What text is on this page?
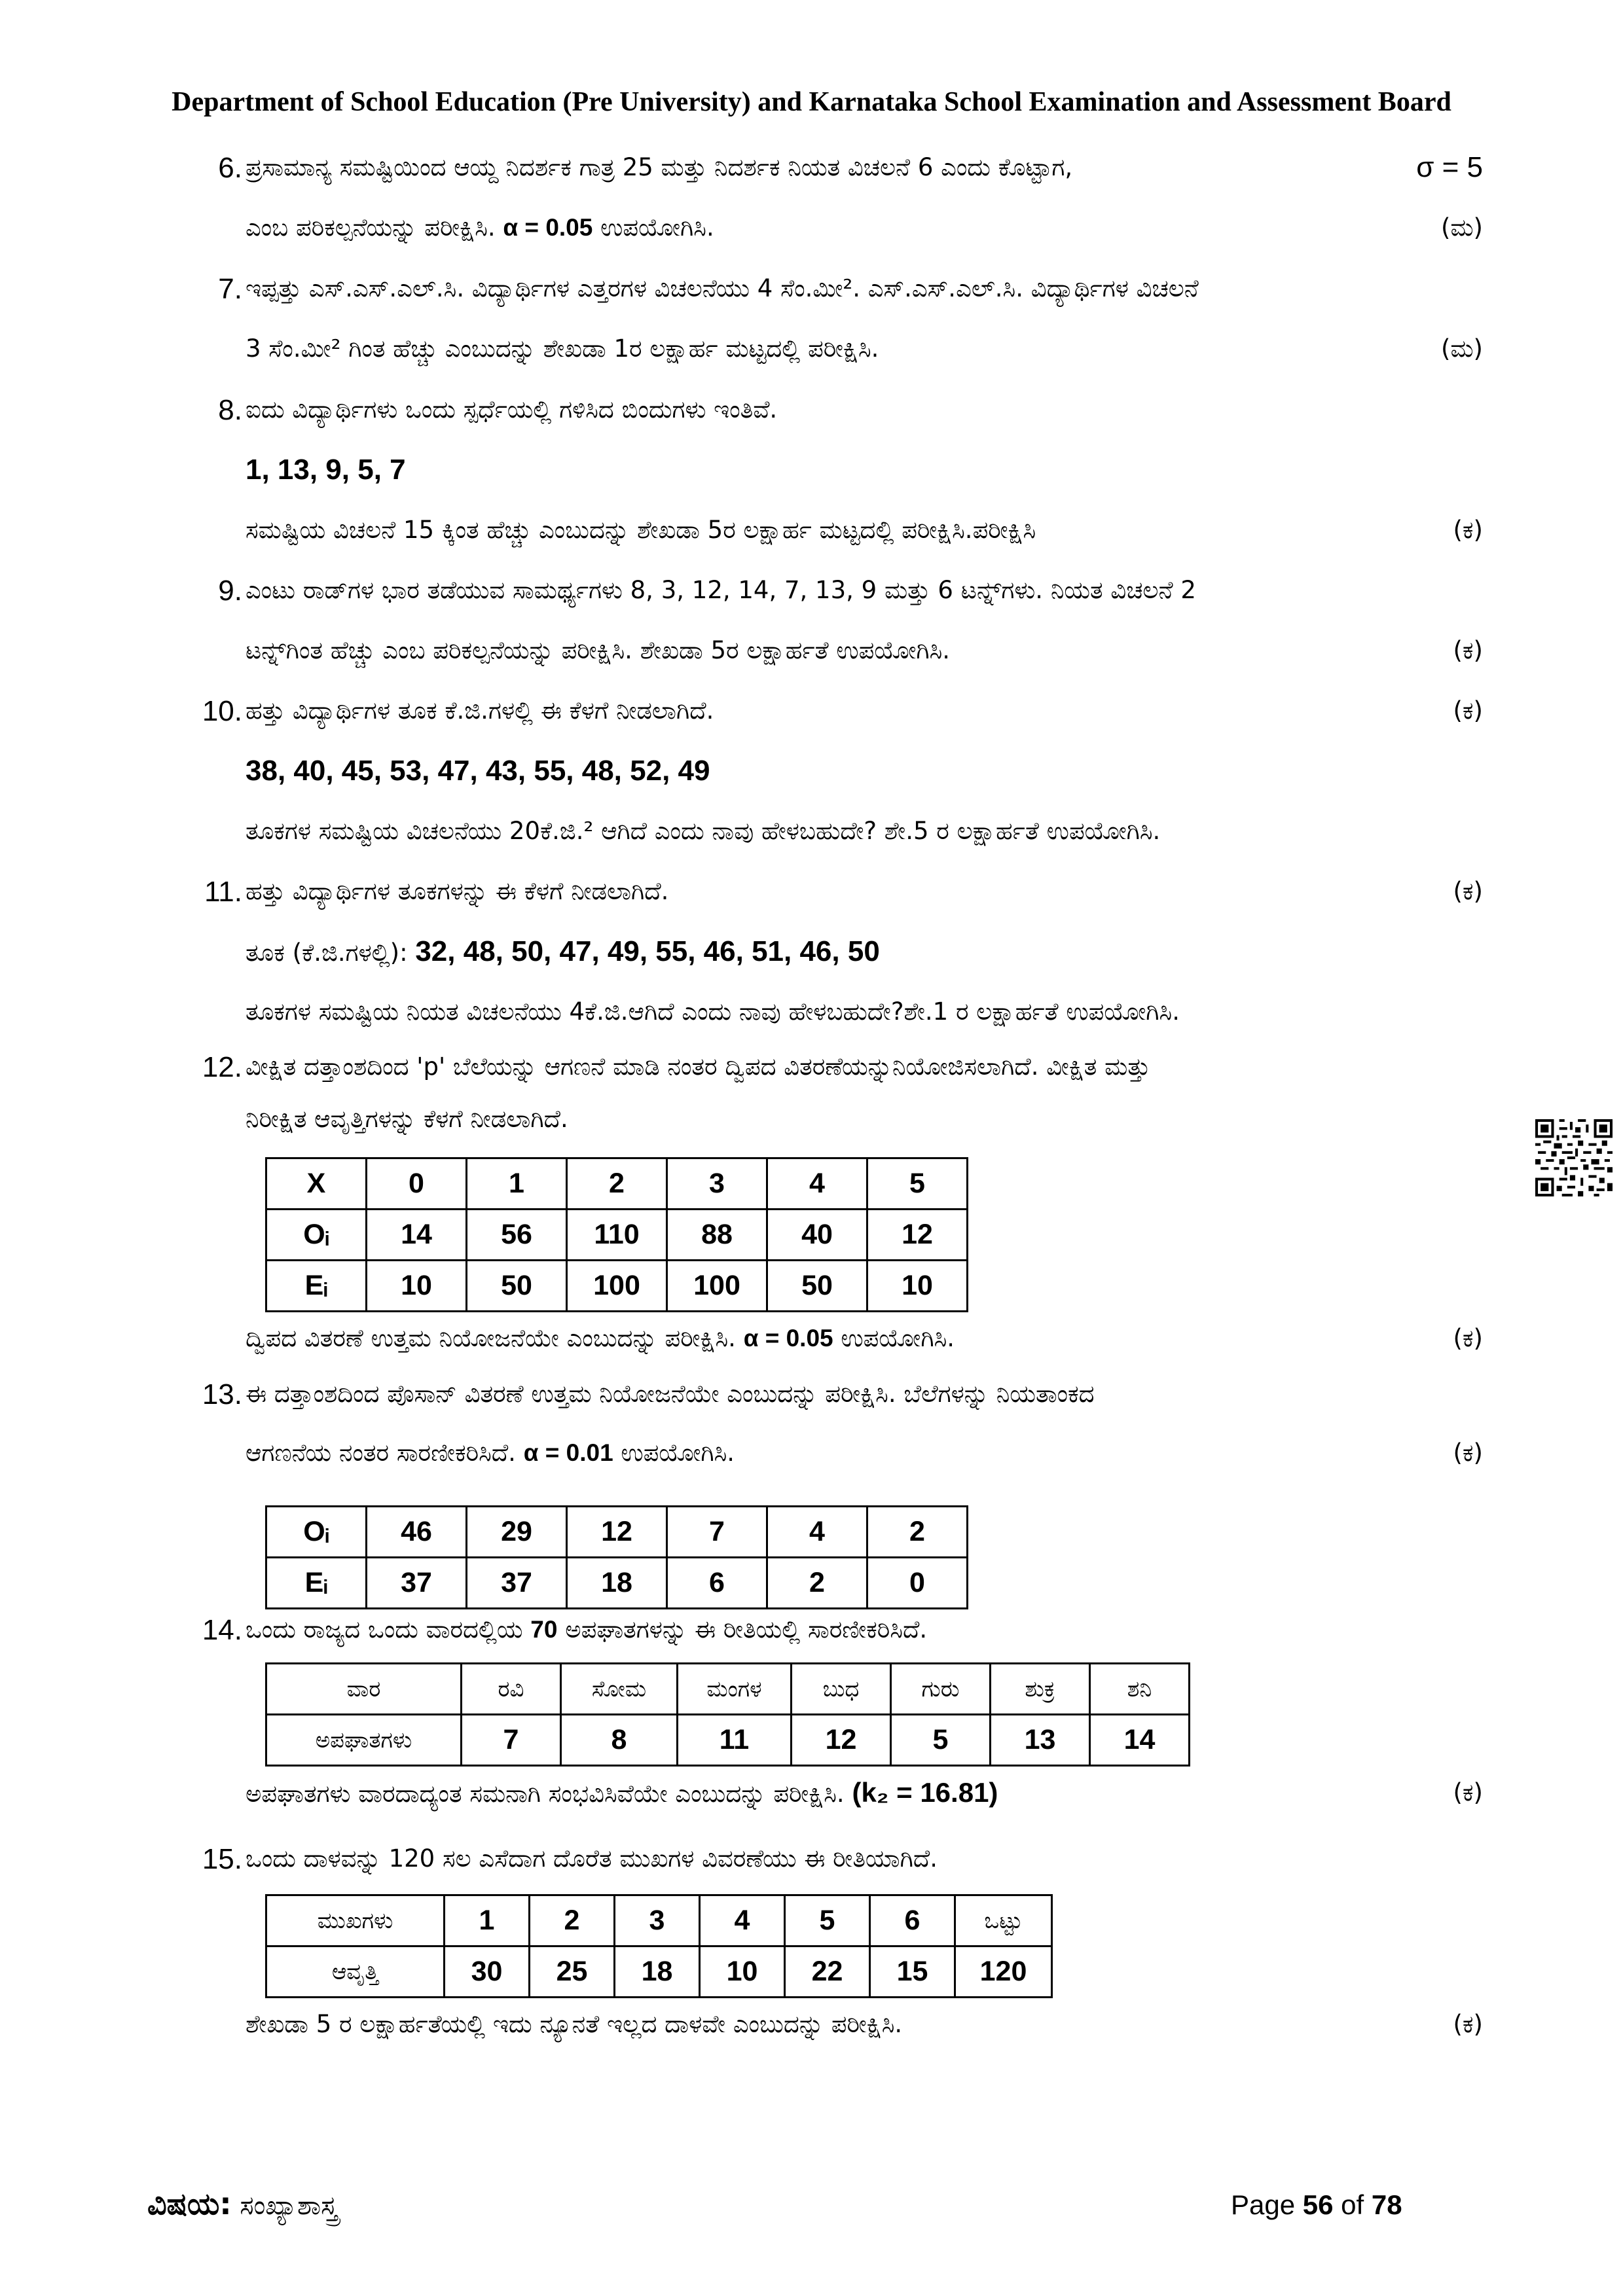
Department of School Education (Pre University) and Karnataka School Examination and Assessment Board
6. ಪ್ರಸಾಮಾನ್ಯ ಸಮಷ್ಟಿಯಿಂದ ಆಯ್ದ ನಿದರ್ಶಕ ಗಾತ್ರ 25 ಮತ್ತು ನಿದರ್ಶಕ ನಿಯತ ವಿಚಲನೆ 6 ಎಂದು ಕೊಟ್ಟಾಗ,	σ = 5
ಎಂಬ ಪರಿಕಲ್ಪನೆಯನ್ನು ಪರೀಕ್ಷಿಸಿ. α = 0.05 ಉಪಯೋಗಿಸಿ.	(ಮ)
7. ಇಪ್ಪತ್ತು ಎಸ್.ಎಸ್.ಎಲ್.ಸಿ. ವಿದ್ಯಾರ್ಥಿಗಳ ಎತ್ತರಗಳ ವಿಚಲನೆಯು 4 ಸೆಂ.ಮೀ². ಎಸ್.ಎಸ್.ಎಲ್.ಸಿ. ವಿದ್ಯಾರ್ಥಿಗಳ ವಿಚಲನೆ
3 ಸೆಂ.ಮೀ² ಗಿಂತ ಹೆಚ್ಚು ಎಂಬುದನ್ನು ಶೇಖಡಾ 1ರ ಲಕ್ಷಾರ್ಹ ಮಟ್ಟದಲ್ಲಿ ಪರೀಕ್ಷಿಸಿ.	(ಮ)
8. ಐದು ವಿದ್ಯಾರ್ಥಿಗಳು ಒಂದು ಸ್ಪರ್ಧೆಯಲ್ಲಿ ಗಳಿಸಿದ ಬಿಂದುಗಳು ಇಂತಿವೆ.
1, 13, 9, 5, 7
ಸಮಷ್ಟಿಯ ವಿಚಲನೆ 15 ಕ್ಕಿಂತ ಹೆಚ್ಚು ಎಂಬುದನ್ನು ಶೇಖಡಾ 5ರ ಲಕ್ಷಾರ್ಹ ಮಟ್ಟದಲ್ಲಿ ಪರೀಕ್ಷಿಸಿ.ಪರೀಕ್ಷಿಸಿ	(ಕ)
9. ಎಂಟು ರಾಡ್‌ಗಳ ಭಾರ ತಡೆಯುವ ಸಾಮರ್ಥ್ಯಗಳು 8, 3, 12, 14, 7, 13, 9 ಮತ್ತು 6 ಟನ್ನ್‌ಗಳು. ನಿಯತ ವಿಚಲನೆ 2
ಟನ್ನ್‌ಗಿಂತ ಹೆಚ್ಚು ಎಂಬ ಪರಿಕಲ್ಪನೆಯನ್ನು ಪರೀಕ್ಷಿಸಿ. ಶೇಖಡಾ 5ರ ಲಕ್ಷಾರ್ಹತೆ ಉಪಯೋಗಿಸಿ.	(ಕ)
10. ಹತ್ತು ವಿದ್ಯಾರ್ಥಿಗಳ ತೂಕ ಕೆ.ಜಿ.ಗಳಲ್ಲಿ ಈ ಕೆಳಗೆ ನೀಡಲಾಗಿದೆ.	(ಕ)
38, 40, 45, 53, 47, 43, 55, 48, 52, 49
ತೂಕಗಳ ಸಮಷ್ಟಿಯ ವಿಚಲನೆಯು 20ಕೆ.ಜಿ.² ಆಗಿದೆ ಎಂದು ನಾವು ಹೇಳಬಹುದೇ? ಶೇ.5 ರ ಲಕ್ಷಾರ್ಹತೆ ಉಪಯೋಗಿಸಿ.
11. ಹತ್ತು ವಿದ್ಯಾರ್ಥಿಗಳ ತೂಕಗಳನ್ನು ಈ ಕೆಳಗೆ ನೀಡಲಾಗಿದೆ.	(ಕ)
ತೂಕ (ಕೆ.ಜಿ.ಗಳಲ್ಲಿ): 32, 48, 50, 47, 49, 55, 46, 51, 46, 50
ತೂಕಗಳ ಸಮಷ್ಟಿಯ ನಿಯತ ವಿಚಲನೆಯು 4ಕೆ.ಜಿ.ಆಗಿದೆ ಎಂದು ನಾವು ಹೇಳಬಹುದೇ?ಶೇ.1 ರ ಲಕ್ಷಾರ್ಹತೆ ಉಪಯೋಗಿಸಿ.
12. ವೀಕ್ಷಿತ ದತ್ತಾಂಶದಿಂದ 'p' ಬೆಲೆಯನ್ನು ಆಗಣನೆ ಮಾಡಿ ನಂತರ ದ್ವಿಪದ ವಿತರಣೆಯನ್ನುನಿಯೋಜಿಸಲಾಗಿದೆ. ವೀಕ್ಷಿತ ಮತ್ತು
ನಿರೀಕ್ಷಿತ ಆವೃತ್ತಿಗಳನ್ನು ಕೆಳಗೆ ನೀಡಲಾಗಿದೆ.
X	0	1	2	3	4	5
Oᵢ	14	56	110	88	40	12
Eᵢ	10	50	100	100	50	10
ದ್ವಿಪದ ವಿತರಣೆ ಉತ್ತಮ ನಿಯೋಜನೆಯೇ ಎಂಬುದನ್ನು ಪರೀಕ್ಷಿಸಿ. α = 0.05 ಉಪಯೋಗಿಸಿ.	(ಕ)
13. ಈ ದತ್ತಾಂಶದಿಂದ ಪೊಸಾನ್ ವಿತರಣೆ ಉತ್ತಮ ನಿಯೋಜನೆಯೇ ಎಂಬುದನ್ನು ಪರೀಕ್ಷಿಸಿ. ಬೆಲೆಗಳನ್ನು ನಿಯತಾಂಕದ
ಆಗಣನೆಯ ನಂತರ ಸಾರಣೀಕರಿಸಿದೆ. α = 0.01 ಉಪಯೋಗಿಸಿ.	(ಕ)
Oᵢ	46	29	12	7	4	2
Eᵢ	37	37	18	6	2	0
14. ಒಂದು ರಾಜ್ಯದ ಒಂದು ವಾರದಲ್ಲಿಯ 70 ಅಪಘಾತಗಳನ್ನು ಈ ರೀತಿಯಲ್ಲಿ ಸಾರಣೀಕರಿಸಿದೆ.
ವಾರ	ರವಿ	ಸೋಮ	ಮಂಗಳ	ಬುಧ	ಗುರು	ಶುಕ್ರ	ಶನಿ
ಅಪಘಾತಗಳು	7	8	11	12	5	13	14
ಅಪಘಾತಗಳು ವಾರದಾದ್ಯಂತ ಸಮನಾಗಿ ಸಂಭವಿಸಿವೆಯೇ ಎಂಬುದನ್ನು ಪರೀಕ್ಷಿಸಿ. (k₂ = 16.81)	(ಕ)
15. ಒಂದು ದಾಳವನ್ನು 120 ಸಲ ಎಸೆದಾಗ ದೊರೆತ ಮುಖಗಳ ವಿವರಣೆಯು ಈ ರೀತಿಯಾಗಿದೆ.
ಮುಖಗಳು	1	2	3	4	5	6	ಒಟ್ಟು
ಆವೃತ್ತಿ	30	25	18	10	22	15	120
ಶೇಖಡಾ 5 ರ ಲಕ್ಷಾರ್ಹತೆಯಲ್ಲಿ ಇದು ನ್ಯೂನತೆ ಇಲ್ಲದ ದಾಳವೇ ಎಂಬುದನ್ನು ಪರೀಕ್ಷಿಸಿ.	(ಕ)
ವಿಷಯ: ಸಂಖ್ಯಾಶಾಸ್ತ್ರ	Page 56 of 78
